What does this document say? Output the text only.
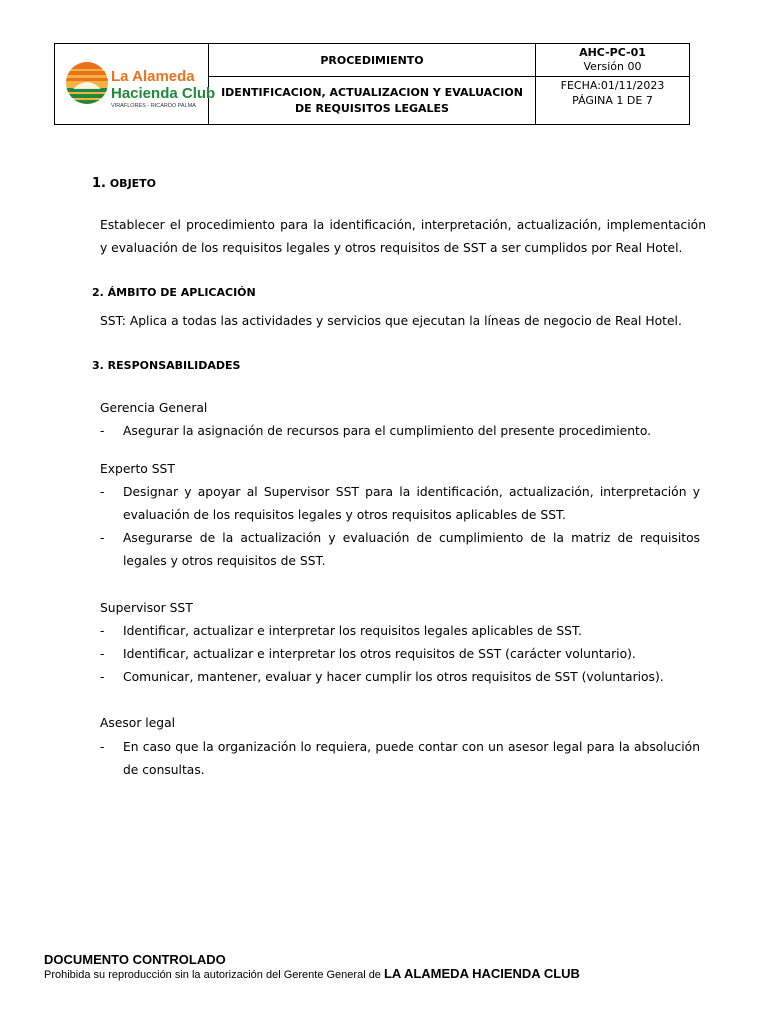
La Alameda
Hacienda Club
VIRAFLORES - RICARDO PALMA
PROCEDIMIENTO
IDENTIFICACION, ACTUALIZACION Y EVALUACION DE REQUISITOS LEGALES
AHC-PC-01
Versión 00
FECHA:01/11/2023
PÁGINA 1 DE 7
1. OBJETO
Establecer el procedimiento para la identificación, interpretación, actualización, implementación y evaluación de los requisitos legales y otros requisitos de SST a ser cumplidos por Real Hotel.
2. ÁMBITO DE APLICACIÓN
SST: Aplica a todas las actividades y servicios que ejecutan la líneas de negocio de Real Hotel.
3. RESPONSABILIDADES
Gerencia General
- Asegurar la asignación de recursos para el cumplimiento del presente procedimiento.
Experto SST
- Designar y apoyar al Supervisor SST para la identificación, actualización, interpretación y evaluación de los requisitos legales y otros requisitos aplicables de SST.
- Asegurarse de la actualización y evaluación de cumplimiento de la matriz de requisitos legales y otros requisitos de SST.
Supervisor SST
- Identificar, actualizar e interpretar los requisitos legales aplicables de SST.
- Identificar, actualizar e interpretar los otros requisitos de SST (carácter voluntario).
- Comunicar, mantener, evaluar y hacer cumplir los otros requisitos de SST (voluntarios).
Asesor legal
- En caso que la organización lo requiera, puede contar con un asesor legal para la absolución de consultas.
DOCUMENTO CONTROLADO
Prohibida su reproducción sin la autorización del Gerente General de LA ALAMEDA HACIENDA CLUB
